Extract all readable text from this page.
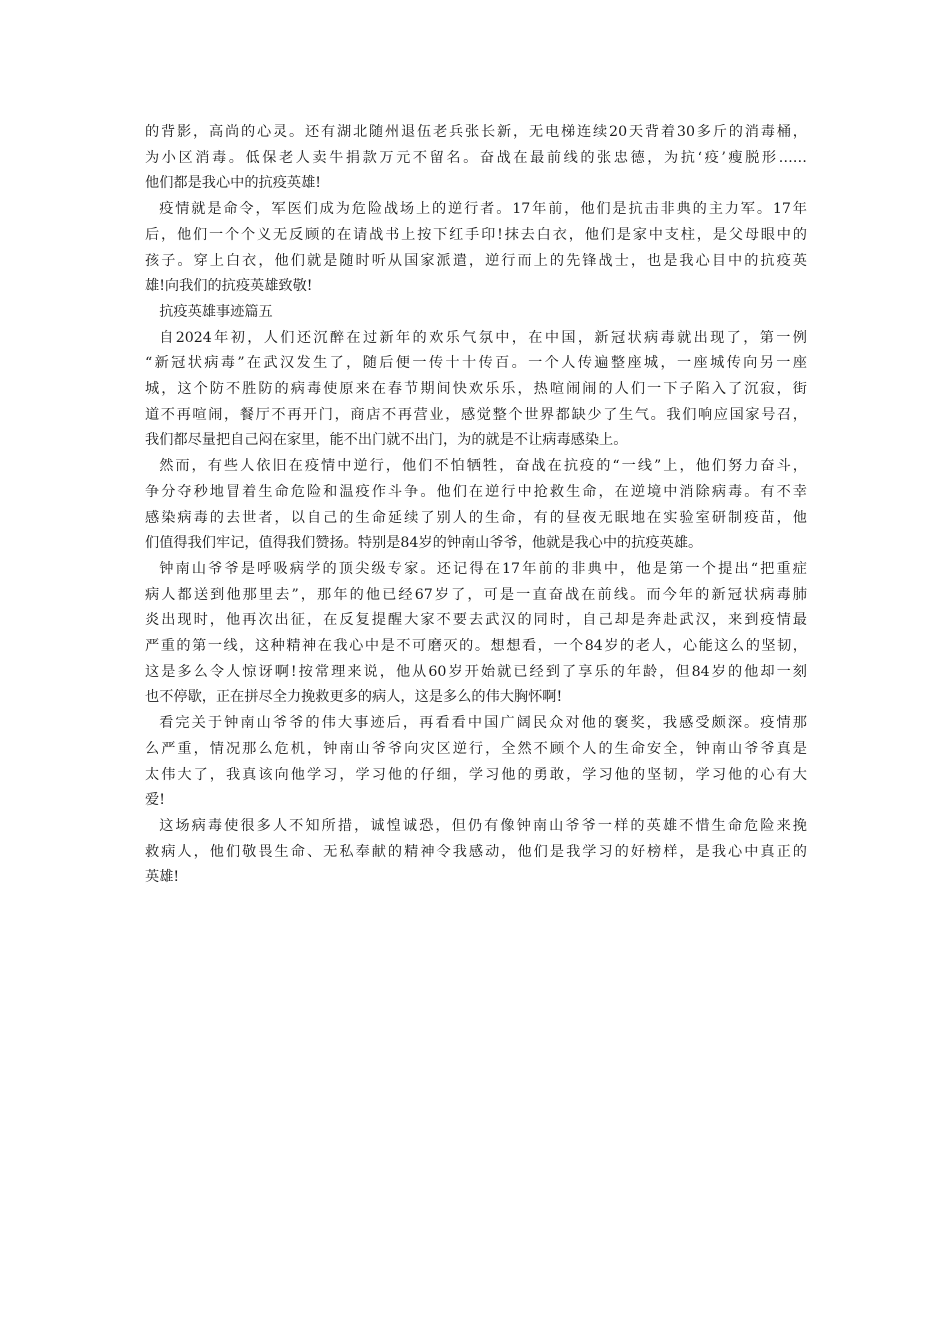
的背影，高尚的心灵。还有湖北随州退伍老兵张长新，无电梯连续20天背着30多斤的消毒桶，
为小区消毒。低保老人卖牛捐款万元不留名。奋战在最前线的张忠德，为抗‘疫’瘦脱形……
他们都是我心中的抗疫英雄!

疫情就是命令，军医们成为危险战场上的逆行者。17年前，他们是抗击非典的主力军。17年
后，他们一个个义无反顾的在请战书上按下红手印!抹去白衣，他们是家中支柱，是父母眼中的
孩子。穿上白衣，他们就是随时听从国家派遣，逆行而上的先锋战士，也是我心目中的抗疫英
雄!向我们的抗疫英雄致敬!

抗疫英雄事迹篇五

自2024年初，人们还沉醉在过新年的欢乐气氛中，在中国，新冠状病毒就出现了，第一例
“新冠状病毒”在武汉发生了，随后便一传十十传百。一个人传遍整座城，一座城传向另一座
城，这个防不胜防的病毒使原来在春节期间快欢乐乐，热喧闹闹的人们一下子陷入了沉寂，街
道不再喧闹，餐厅不再开门，商店不再营业，感觉整个世界都缺少了生气。我们响应国家号召，
我们都尽量把自己闷在家里，能不出门就不出门，为的就是不让病毒感染上。

然而，有些人依旧在疫情中逆行，他们不怕牺牲，奋战在抗疫的“一线”上，他们努力奋斗，
争分夺秒地冒着生命危险和温疫作斗争。他们在逆行中抢救生命，在逆境中消除病毒。有不幸
感染病毒的去世者，以自己的生命延续了别人的生命，有的昼夜无眠地在实验室研制疫苗，他
们值得我们牢记，值得我们赞扬。特别是84岁的钟南山爷爷，他就是我心中的抗疫英雄。

钟南山爷爷是呼吸病学的顶尖级专家。还记得在17年前的非典中，他是第一个提出“把重症
病人都送到他那里去”，那年的他已经67岁了，可是一直奋战在前线。而今年的新冠状病毒肺
炎出现时，他再次出征，在反复提醒大家不要去武汉的同时，自己却是奔赴武汉，来到疫情最
严重的第一线，这种精神在我心中是不可磨灭的。想想看，一个84岁的老人，心能这么的坚韧，
这是多么令人惊讶啊!按常理来说，他从60岁开始就已经到了享乐的年龄，但84岁的他却一刻
也不停歇，正在拼尽全力挽救更多的病人，这是多么的伟大胸怀啊!

看完关于钟南山爷爷的伟大事迹后，再看看中国广阔民众对他的褒奖，我感受颇深。疫情那
么严重，情况那么危机，钟南山爷爷向灾区逆行，全然不顾个人的生命安全，钟南山爷爷真是
太伟大了，我真该向他学习，学习他的仔细，学习他的勇敢，学习他的坚韧，学习他的心有大
爱!

这场病毒使很多人不知所措，诚惶诚恐，但仍有像钟南山爷爷一样的英雄不惜生命危险来挽
救病人，他们敬畏生命、无私奉献的精神令我感动，他们是我学习的好榜样，是我心中真正的
英雄!
